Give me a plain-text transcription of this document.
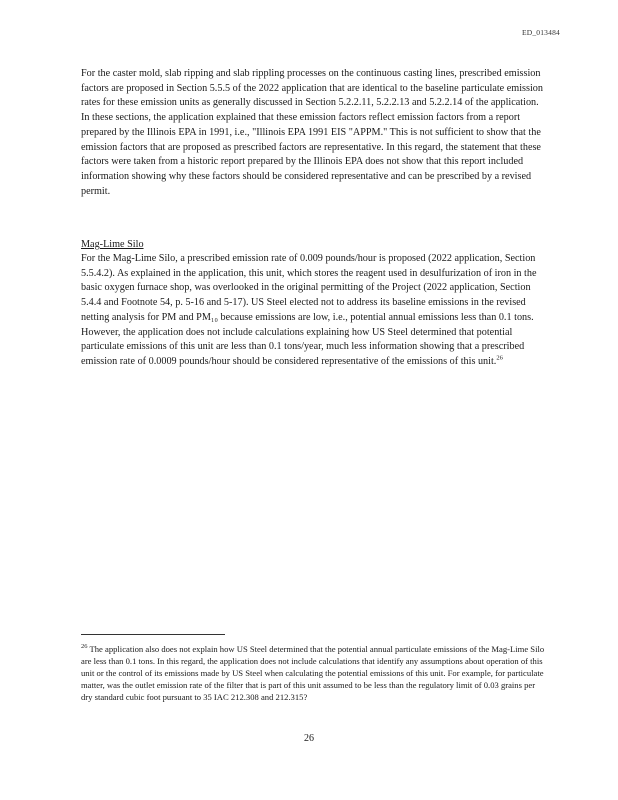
ED_013484

For the caster mold, slab ripping and slab rippling processes on the continuous casting lines, prescribed emission factors are proposed in Section 5.5.5 of the 2022 application that are identical to the baseline particulate emission rates for these emission units as generally discussed in Section 5.2.2.11, 5.2.2.13 and 5.2.2.14 of the application. In these sections, the application explained that these emission factors reflect emission factors from a report prepared by the Illinois EPA in 1991, i.e., "Illinois EPA 1991 EIS "APPM." This is not sufficient to show that the emission factors that are proposed as prescribed factors are representative. In this regard, the statement that these factors were taken from a historic report prepared by the Illinois EPA does not show that this report included information showing why these factors should be considered representative and can be prescribed by a revised permit.

Mag-Lime Silo

For the Mag-Lime Silo, a prescribed emission rate of 0.009 pounds/hour is proposed (2022 application, Section 5.5.4.2). As explained in the application, this unit, which stores the reagent used in desulfurization of iron in the basic oxygen furnace shop, was overlooked in the original permitting of the Project (2022 application, Section 5.4.4 and Footnote 54, p. 5-16 and 5-17). US Steel elected not to address its baseline emissions in the revised netting analysis for PM and PM₁₀ because emissions are low, i.e., potential annual emissions less than 0.1 tons. However, the application does not include calculations explaining how US Steel determined that potential particulate emissions of this unit are less than 0.1 tons/year, much less information showing that a prescribed emission rate of 0.0009 pounds/hour should be considered representative of the emissions of this unit.$^{26}$

$^{26}$ The application also does not explain how US Steel determined that the potential annual particulate emissions of the Mag-Lime Silo are less than 0.1 tons. In this regard, the application does not include calculations that identify any assumptions about operation of this unit or the control of its emissions made by US Steel when calculating the potential emissions of this unit. For example, for particulate matter, was the outlet emission rate of the filter that is part of this unit assumed to be less than the regulatory limit of 0.03 grains per dry standard cubic foot pursuant to 35 IAC 212.308 and 212.315?

26
